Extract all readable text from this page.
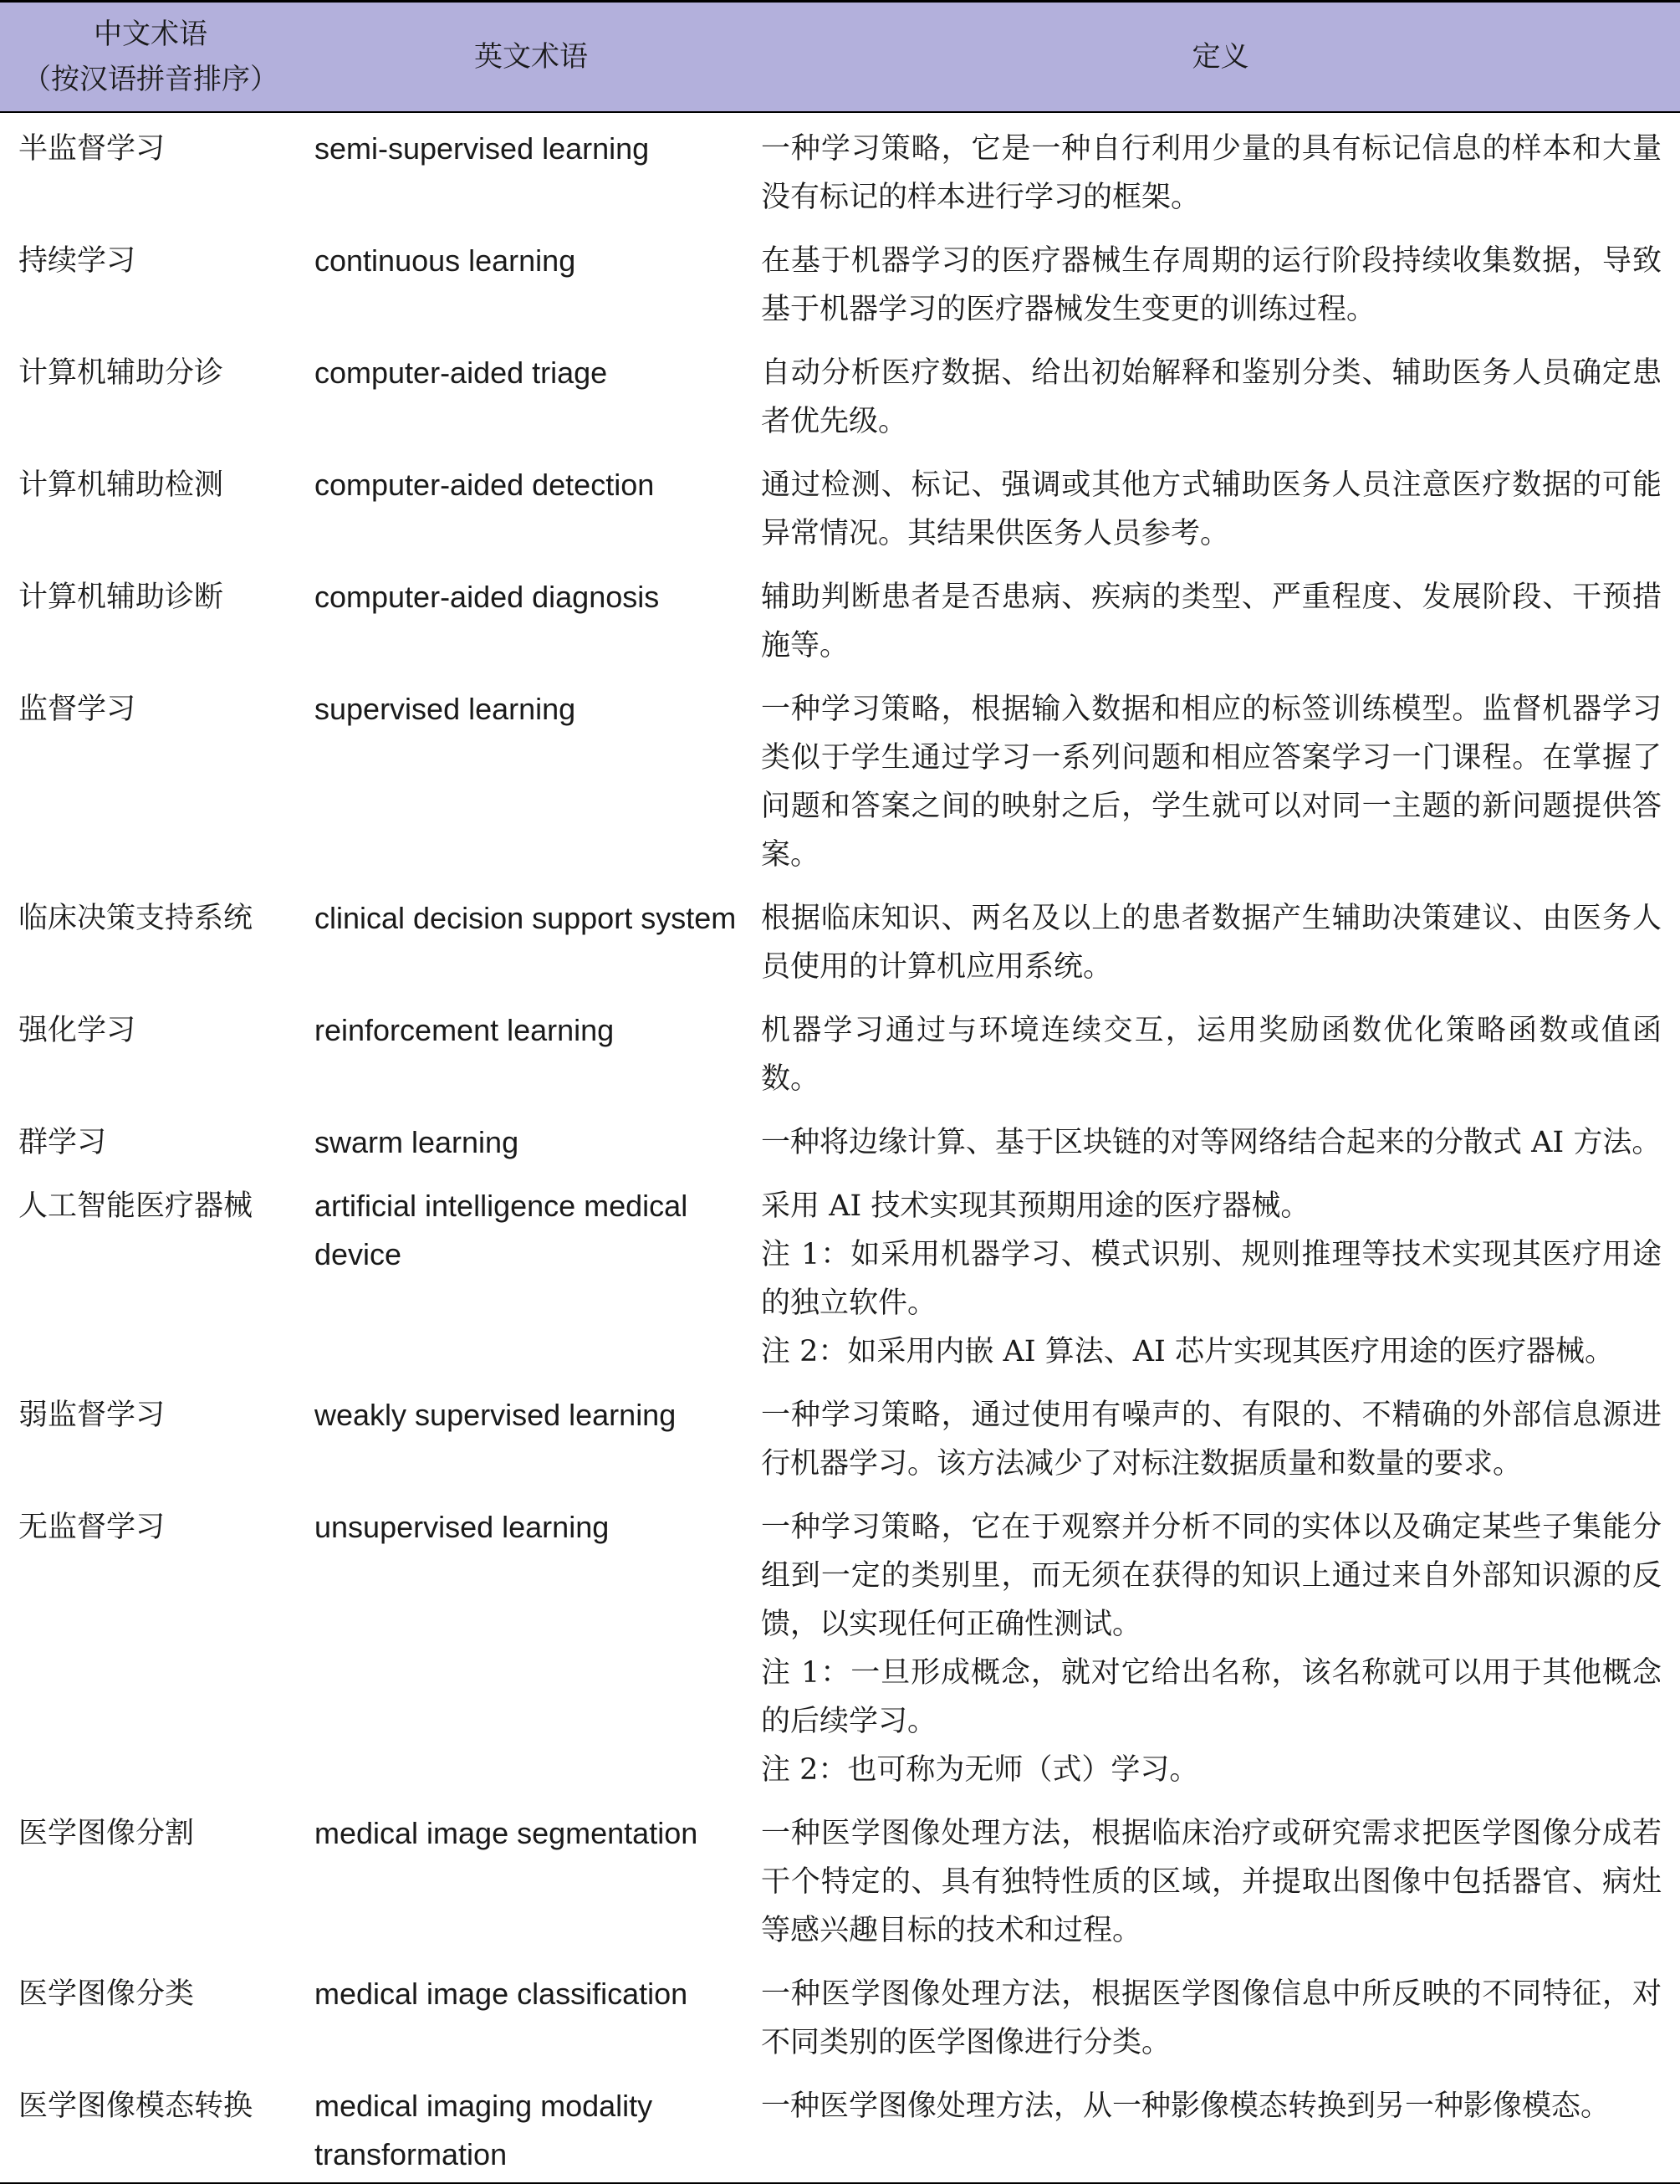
中文术语
（按汉语拼音排序）	英文术语	定义
半监督学习	semi-supervised learning	一种学习策略，它是一种自行利用少量的具有标记信息的样本和大量没有标记的样本进行学习的框架。

持续学习	continuous learning	在基于机器学习的医疗器械生存周期的运行阶段持续收集数据，导致基于机器学习的医疗器械发生变更的训练过程。

计算机辅助分诊	computer-aided triage	自动分析医疗数据、给出初始解释和鉴别分类、辅助医务人员确定患者优先级。

计算机辅助检测	computer-aided detection	通过检测、标记、强调或其他方式辅助医务人员注意医疗数据的可能异常情况。其结果供医务人员参考。

计算机辅助诊断	computer-aided diagnosis	辅助判断患者是否患病、疾病的类型、严重程度、发展阶段、干预措施等。

监督学习	supervised learning	一种学习策略，根据输入数据和相应的标签训练模型。监督机器学习类似于学生通过学习一系列问题和相应答案学习一门课程。在掌握了问题和答案之间的映射之后，学生就可以对同一主题的新问题提供答案。

临床决策支持系统	clinical decision support system	根据临床知识、两名及以上的患者数据产生辅助决策建议、由医务人员使用的计算机应用系统。

强化学习	reinforcement learning	机器学习通过与环境连续交互，运用奖励函数优化策略函数或值函数。

群学习	swarm learning	一种将边缘计算、基于区块链的对等网络结合起来的分散式 AI 方法。

人工智能医疗器械	artificial intelligence medical device	采用 AI 技术实现其预期用途的医疗器械。
注 1：如采用机器学习、模式识别、规则推理等技术实现其医疗用途的独立软件。
注 2：如采用内嵌 AI 算法、AI 芯片实现其医疗用途的医疗器械。

弱监督学习	weakly supervised learning	一种学习策略，通过使用有噪声的、有限的、不精确的外部信息源进行机器学习。该方法减少了对标注数据质量和数量的要求。

无监督学习	unsupervised learning	一种学习策略，它在于观察并分析不同的实体以及确定某些子集能分组到一定的类别里，而无须在获得的知识上通过来自外部知识源的反馈，以实现任何正确性测试。
注 1：一旦形成概念，就对它给出名称，该名称就可以用于其他概念的后续学习。
注 2：也可称为无师（式）学习。

医学图像分割	medical image segmentation	一种医学图像处理方法，根据临床治疗或研究需求把医学图像分成若干个特定的、具有独特性质的区域，并提取出图像中包括器官、病灶等感兴趣目标的技术和过程。

医学图像分类	medical image classification	一种医学图像处理方法，根据医学图像信息中所反映的不同特征，对不同类别的医学图像进行分类。

医学图像模态转换	medical imaging modality transformation	一种医学图像处理方法，从一种影像模态转换到另一种影像模态。
